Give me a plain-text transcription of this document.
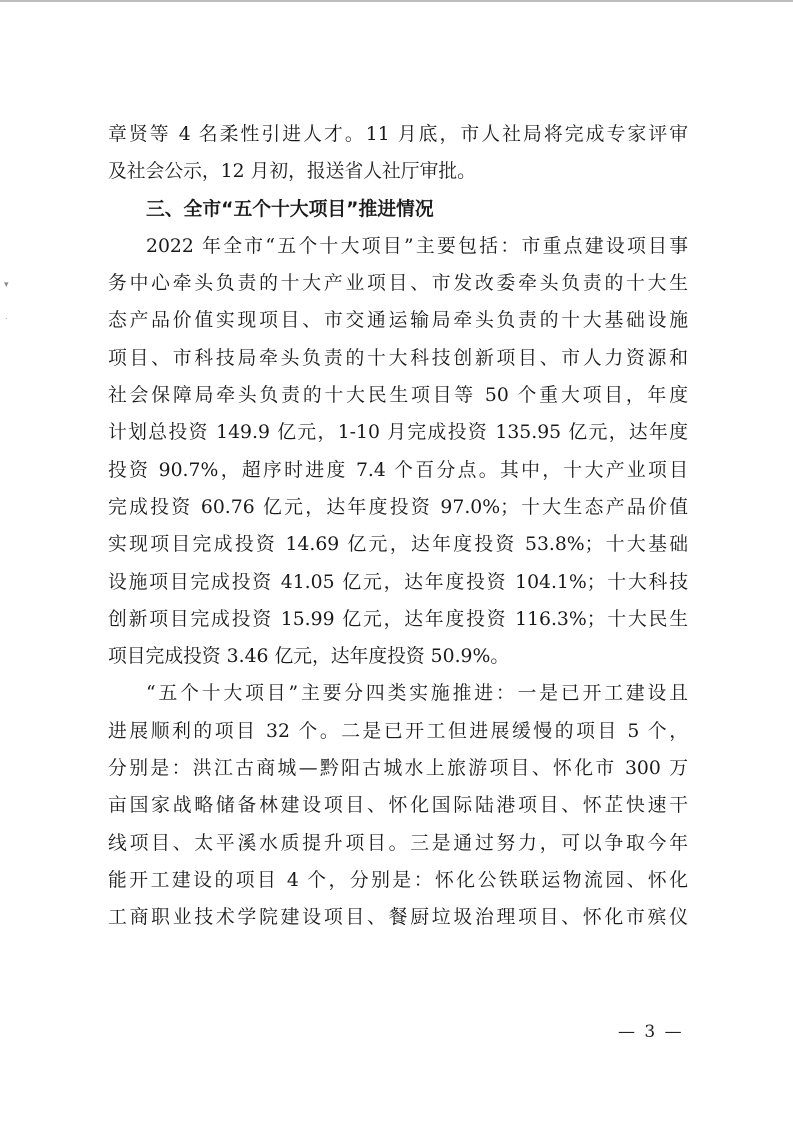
▾
˙
章贤等 4 名柔性引进人才。11 月底，市人社局将完成专家评审
及社会公示，12 月初，报送省人社厅审批。
三、全市“五个十大项目”推进情况
2022 年全市“五个十大项目”主要包括：市重点建设项目事
务中心牵头负责的十大产业项目、市发改委牵头负责的十大生
态产品价值实现项目、市交通运输局牵头负责的十大基础设施
项目、市科技局牵头负责的十大科技创新项目、市人力资源和
社会保障局牵头负责的十大民生项目等 50 个重大项目，年度
计划总投资 149.9 亿元，1-10 月完成投资 135.95 亿元，达年度
投资 90.7%，超序时进度 7.4 个百分点。其中，十大产业项目
完成投资 60.76 亿元，达年度投资 97.0%；十大生态产品价值
实现项目完成投资 14.69 亿元，达年度投资 53.8%；十大基础
设施项目完成投资 41.05 亿元，达年度投资 104.1%；十大科技
创新项目完成投资 15.99 亿元，达年度投资 116.3%；十大民生
项目完成投资 3.46 亿元，达年度投资 50.9%。
“五个十大项目”主要分四类实施推进：一是已开工建设且
进展顺利的项目 32 个。二是已开工但进展缓慢的项目 5 个，
分别是：洪江古商城—黔阳古城水上旅游项目、怀化市 300 万
亩国家战略储备林建设项目、怀化国际陆港项目、怀芷快速干
线项目、太平溪水质提升项目。三是通过努力，可以争取今年
能开工建设的项目 4 个，分别是：怀化公铁联运物流园、怀化
工商职业技术学院建设项目、餐厨垃圾治理项目、怀化市殡仪
— 3 —
